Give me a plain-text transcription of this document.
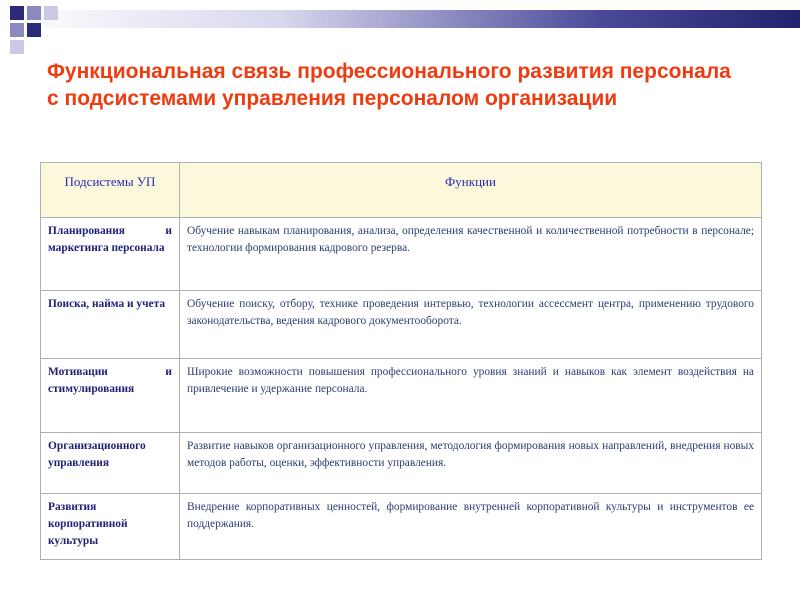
Функциональная связь профессионального развития персонала с подсистемами управления персоналом организации
Подсистемы УП	Функции
Планирования и маркетинга персонала	Обучение навыкам планирования, анализа, определения качественной и количественной потребности в персонале; технологии формирования кадрового резерва.
Поиска, найма и учета	Обучение поиску, отбору, технике проведения интервью, технологии ассессмент центра, применению трудового законодательства, ведения кадрового документооборота.
Мотивации и стимулирования	Широкие возможности повышения профессионального уровня знаний и навыков как элемент воздействия на привлечение и удержание персонала.
Организационного управления	Развитие навыков организационного управления, методология формирования новых направлений, внедрения новых методов работы, оценки, эффективности управления.
Развития корпоративной культуры	Внедрение корпоративных ценностей, формирование внутренней корпоративной культуры и инструментов ее поддержания.
